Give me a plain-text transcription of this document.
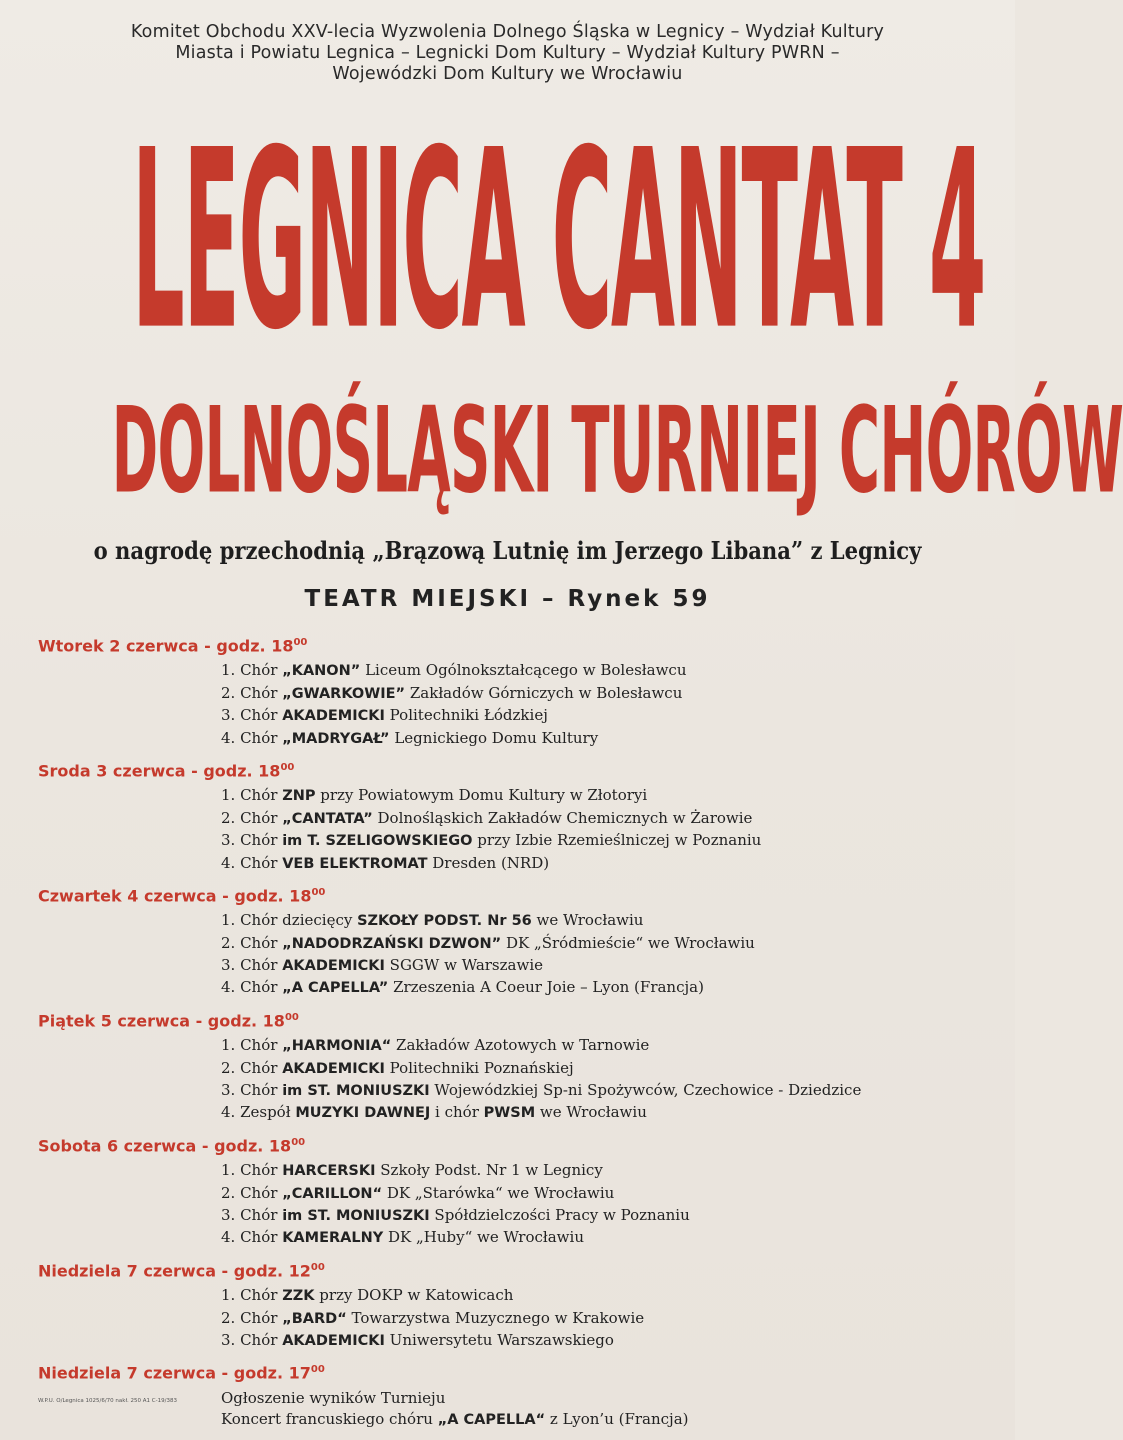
Komitet Obchodu XXV-lecia Wyzwolenia Dolnego Śląska w Legnicy – Wydział Kultury
Miasta i Powiatu Legnica – Legnicki Dom Kultury – Wydział Kultury PWRN –
Wojewódzki Dom Kultury we Wrocławiu
LEGNICA CANTAT 4
DOLNOŚLĄSKI TURNIEJ CHÓRÓW
o nagrodę przechodnią „Brązową Lutnię im Jerzego Libana” z Legnicy
TEATR MIEJSKI – Rynek 59
Wtorek 2 czerwca - godz. $18^{00}$
1. Chór „KANON” Liceum Ogólnokształcącego w Bolesławcu
2. Chór „GWARKOWIE” Zakładów Górniczych w Bolesławcu
3. Chór AKADEMICKI Politechniki Łódzkiej
4. Chór „MADRYGAŁ” Legnickiego Domu Kultury
Sroda 3 czerwca - godz. $18^{00}$
1. Chór ZNP przy Powiatowym Domu Kultury w Złotoryi
2. Chór „CANTATA” Dolnośląskich Zakładów Chemicznych w Żarowie
3. Chór im T. SZELIGOWSKIEGO przy Izbie Rzemieślniczej w Poznaniu
4. Chór VEB ELEKTROMAT Dresden (NRD)
Czwartek 4 czerwca - godz. $18^{00}$
1. Chór dziecięcy SZKOŁY PODST. Nr 56 we Wrocławiu
2. Chór „NADODRZAŃSKI DZWON” DK „Śródmieście“ we Wrocławiu
3. Chór AKADEMICKI SGGW w Warszawie
4. Chór „A CAPELLA” Zrzeszenia A Coeur Joie – Lyon (Francja)
Piątek 5 czerwca - godz. $18^{00}$
1. Chór „HARMONIA“ Zakładów Azotowych w Tarnowie
2. Chór AKADEMICKI Politechniki Poznańskiej
3. Chór im ST. MONIUSZKI Wojewódzkiej Sp-ni Spożywców, Czechowice - Dziedzice
4. Zespół MUZYKI DAWNEJ i chór PWSM we Wrocławiu
Sobota 6 czerwca - godz. $18^{00}$
1. Chór HARCERSKI Szkoły Podst. Nr 1 w Legnicy
2. Chór „CARILLON“ DK „Starówka“ we Wrocławiu
3. Chór im ST. MONIUSZKI Spółdzielczości Pracy w Poznaniu
4. Chór KAMERALNY DK „Huby“ we Wrocławiu
Niedziela 7 czerwca - godz. $12^{00}$
1. Chór ZZK przy DOKP w Katowicach
2. Chór „BARD“ Towarzystwa Muzycznego w Krakowie
3. Chór AKADEMICKI Uniwersytetu Warszawskiego
Niedziela 7 czerwca - godz. $17^{00}$
Ogłoszenie wyników Turnieju
Koncert francuskiego chóru „A CAPELLA“ z Lyon’u (Francja)
W.P.U. O/Legnica 1025/6/70 nakł. 250 A1 C-19/383
